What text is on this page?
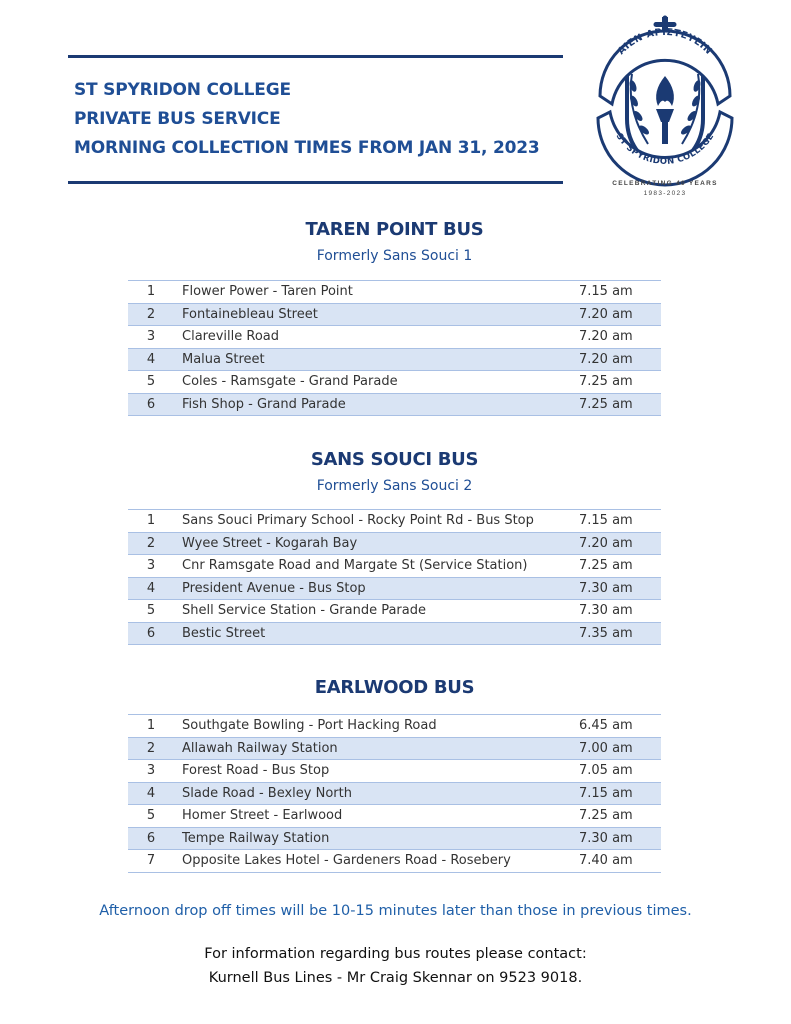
ST SPYRIDON COLLEGE
PRIVATE BUS SERVICE
MORNING COLLECTION TIMES FROM JAN 31, 2023
ΑΙΕΝ ΑΡΙΣΤΕΥΕΙΝ
ST SPYRIDON COLLEGE
CELEBRATING 40 YEARS
1983-2023
TAREN POINT BUS

Formerly Sans Souci 1

1	Flower Power - Taren Point	7.15 am
2	Fontainebleau Street	7.20 am
3	Clareville Road	7.20 am
4	Malua Street	7.20 am
5	Coles - Ramsgate - Grand Parade	7.25 am
6	Fish Shop - Grand Parade	7.25 am
SANS SOUCI BUS

Formerly Sans Souci 2

1	Sans Souci Primary School - Rocky Point Rd - Bus Stop	7.15 am
2	Wyee Street - Kogarah Bay	7.20 am
3	Cnr Ramsgate Road and Margate St (Service Station)	7.25 am
4	President Avenue - Bus Stop	7.30 am
5	Shell Service Station - Grande Parade	7.30 am
6	Bestic Street	7.35 am
EARLWOOD BUS
1	Southgate Bowling - Port Hacking Road	6.45 am
2	Allawah Railway Station	7.00 am
3	Forest Road - Bus Stop	7.05 am
4	Slade Road - Bexley North	7.15 am
5	Homer Street - Earlwood	7.25 am
6	Tempe Railway Station	7.30 am
7	Opposite Lakes Hotel - Gardeners Road - Rosebery	7.40 am
Afternoon drop off times will be 10-15 minutes later than those in previous times.
For information regarding bus routes please contact:
Kurnell Bus Lines - Mr Craig Skennar on 9523 9018.
